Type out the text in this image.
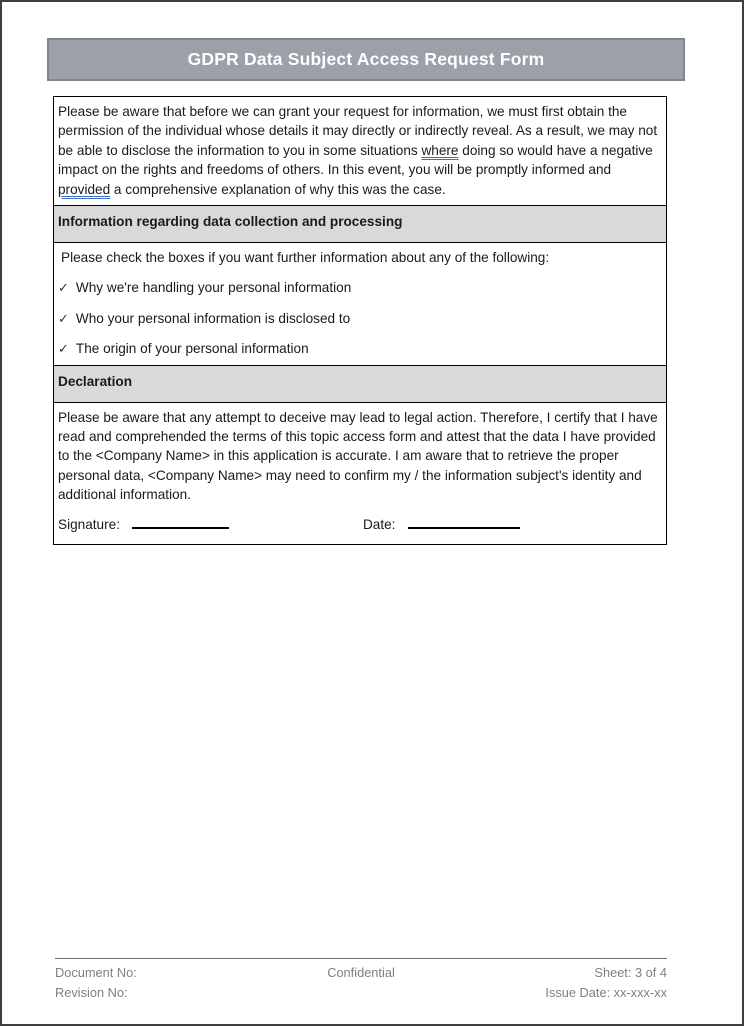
GDPR Data Subject Access Request Form
Please be aware that before we can grant your request for information, we must first obtain the permission of the individual whose details it may directly or indirectly reveal. As a result, we may not be able to disclose the information to you in some situations where doing so would have a negative impact on the rights and freedoms of others. In this event, you will be promptly informed and provided a comprehensive explanation of why this was the case.
Information regarding data collection and processing
Please check the boxes if you want further information about any of the following:
✓ Why we're handling your personal information
✓ Who your personal information is disclosed to
✓ The origin of your personal information
Declaration
Please be aware that any attempt to deceive may lead to legal action. Therefore, I certify that I have read and comprehended the terms of this topic access form and attest that the data I have provided to the <Company Name> in this application is accurate. I am aware that to retrieve the proper personal data, <Company Name> may need to confirm my / the information subject's identity and additional information.
Signature:	Date:
Document No:	Confidential	Sheet: 3 of 4
Revision No:	Issue Date: xx-xxx-xx
